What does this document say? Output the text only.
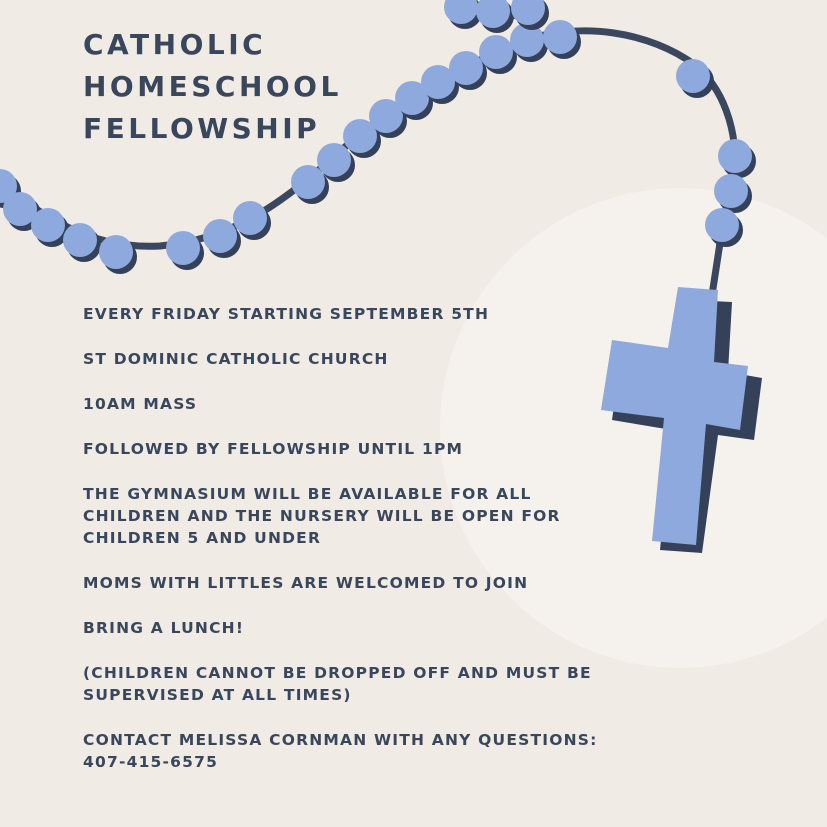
CATHOLIC
HOMESCHOOL
FELLOWSHIP

EVERY FRIDAY STARTING SEPTEMBER 5TH

ST DOMINIC CATHOLIC CHURCH

10AM MASS

FOLLOWED BY FELLOWSHIP UNTIL 1PM

THE GYMNASIUM WILL BE AVAILABLE FOR ALL CHILDREN AND THE NURSERY WILL BE OPEN FOR CHILDREN 5 AND UNDER

MOMS WITH LITTLES ARE WELCOMED TO JOIN

BRING A LUNCH!

(CHILDREN CANNOT BE DROPPED OFF AND MUST BE SUPERVISED AT ALL TIMES)

CONTACT MELISSA CORNMAN WITH ANY QUESTIONS: 407-415-6575
